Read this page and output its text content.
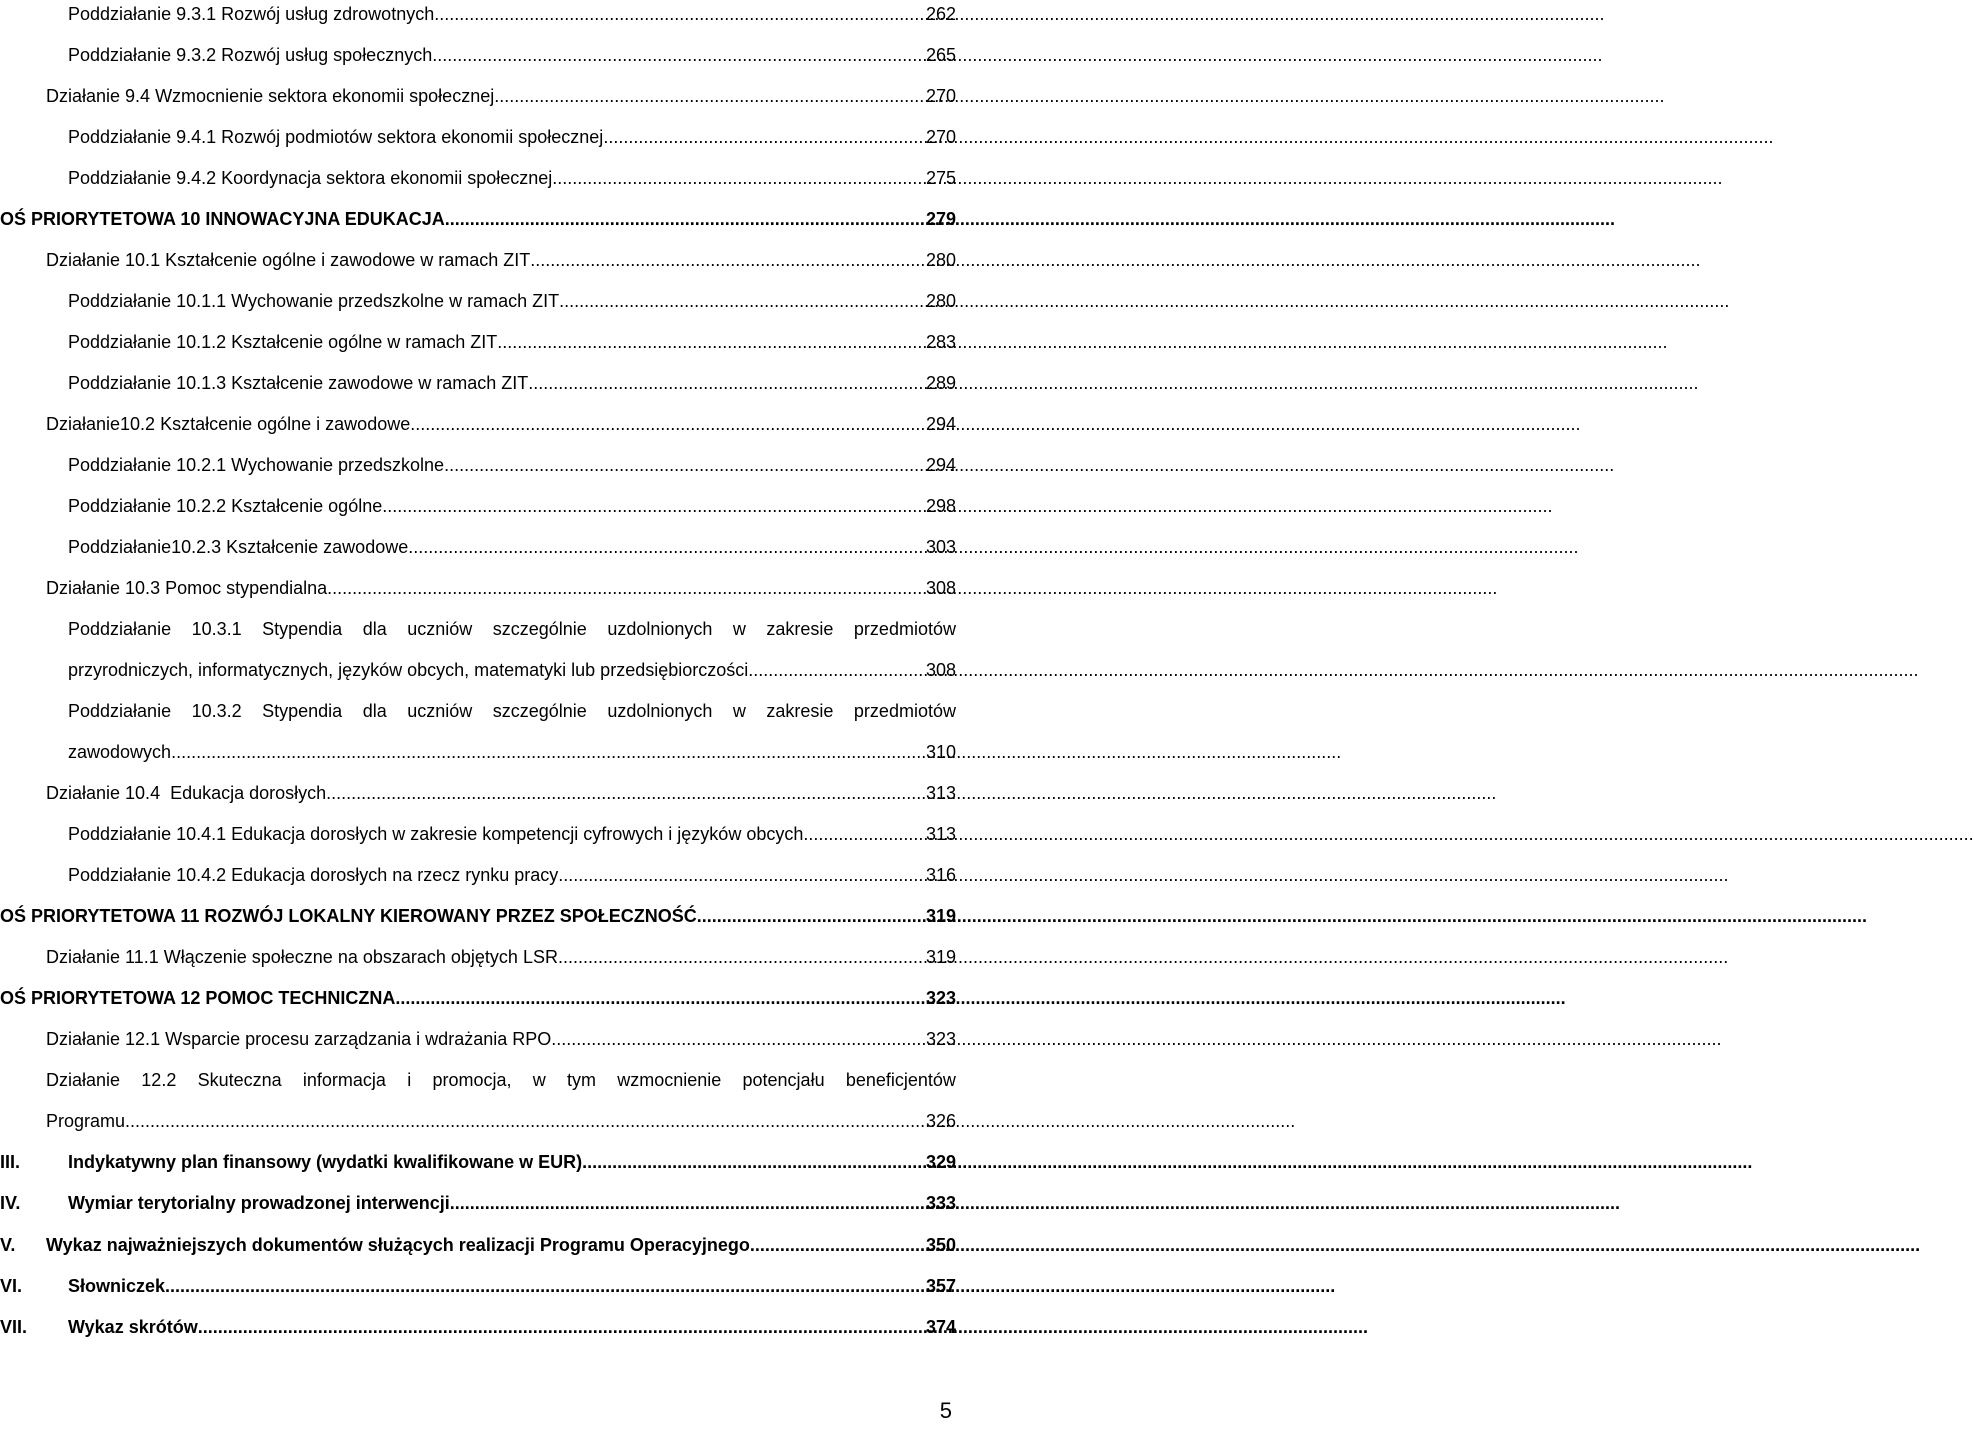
Poddziałanie 9.3.1 Rozwój usług zdrowotnych .....	262
Poddziałanie 9.3.2 Rozwój usług społecznych .....	265
Działanie 9.4 Wzmocnienie sektora ekonomii społecznej .....	270
Poddziałanie 9.4.1 Rozwój podmiotów sektora ekonomii społecznej .....	270
Poddziałanie 9.4.2 Koordynacja sektora ekonomii społecznej .....	275
OŚ PRIORYTETOWA 10 INNOWACYJNA EDUKACJA .....	279
Działanie 10.1 Kształcenie ogólne i zawodowe w ramach ZIT .....	280
Poddziałanie 10.1.1 Wychowanie przedszkolne w ramach ZIT .....	280
Poddziałanie 10.1.2 Kształcenie ogólne w ramach ZIT .....	283
Poddziałanie 10.1.3 Kształcenie zawodowe w ramach ZIT .....	289
Działanie10.2 Kształcenie ogólne i zawodowe .....	294
Poddziałanie 10.2.1 Wychowanie przedszkolne .....	294
Poddziałanie 10.2.2 Kształcenie ogólne .....	298
Poddziałanie10.2.3 Kształcenie zawodowe .....	303
Działanie 10.3 Pomoc stypendialna .....	308
Poddziałanie 10.3.1 Stypendia dla uczniów szczególnie uzdolnionych w zakresie przedmiotów
przyrodniczych, informatycznych, języków obcych, matematyki lub przedsiębiorczości .....	308
Poddziałanie 10.3.2 Stypendia dla uczniów szczególnie uzdolnionych w zakresie przedmiotów
zawodowych .....	310
Działanie 10.4  Edukacja dorosłych .....	313
Poddziałanie 10.4.1 Edukacja dorosłych w zakresie kompetencji cyfrowych i języków obcych .....	313
Poddziałanie 10.4.2 Edukacja dorosłych na rzecz rynku pracy .....	316
OŚ PRIORYTETOWA 11 ROZWÓJ LOKALNY KIEROWANY PRZEZ SPOŁECZNOŚĆ .....	319
Działanie 11.1 Włączenie społeczne na obszarach objętych LSR .....	319
OŚ PRIORYTETOWA 12 POMOC TECHNICZNA .....	323
Działanie 12.1 Wsparcie procesu zarządzania i wdrażania RPO .....	323
Działanie 12.2 Skuteczna informacja i promocja, w tym wzmocnienie potencjału beneficjentów
Programu .....	326
III.	Indykatywny plan finansowy (wydatki kwalifikowane w EUR) .....	329
IV.	Wymiar terytorialny prowadzonej interwencji .....	333
V.	Wykaz najważniejszych dokumentów służących realizacji Programu Operacyjnego .....	350
VI.	Słowniczek .....	357
VII.	Wykaz skrótów .....	374
5
